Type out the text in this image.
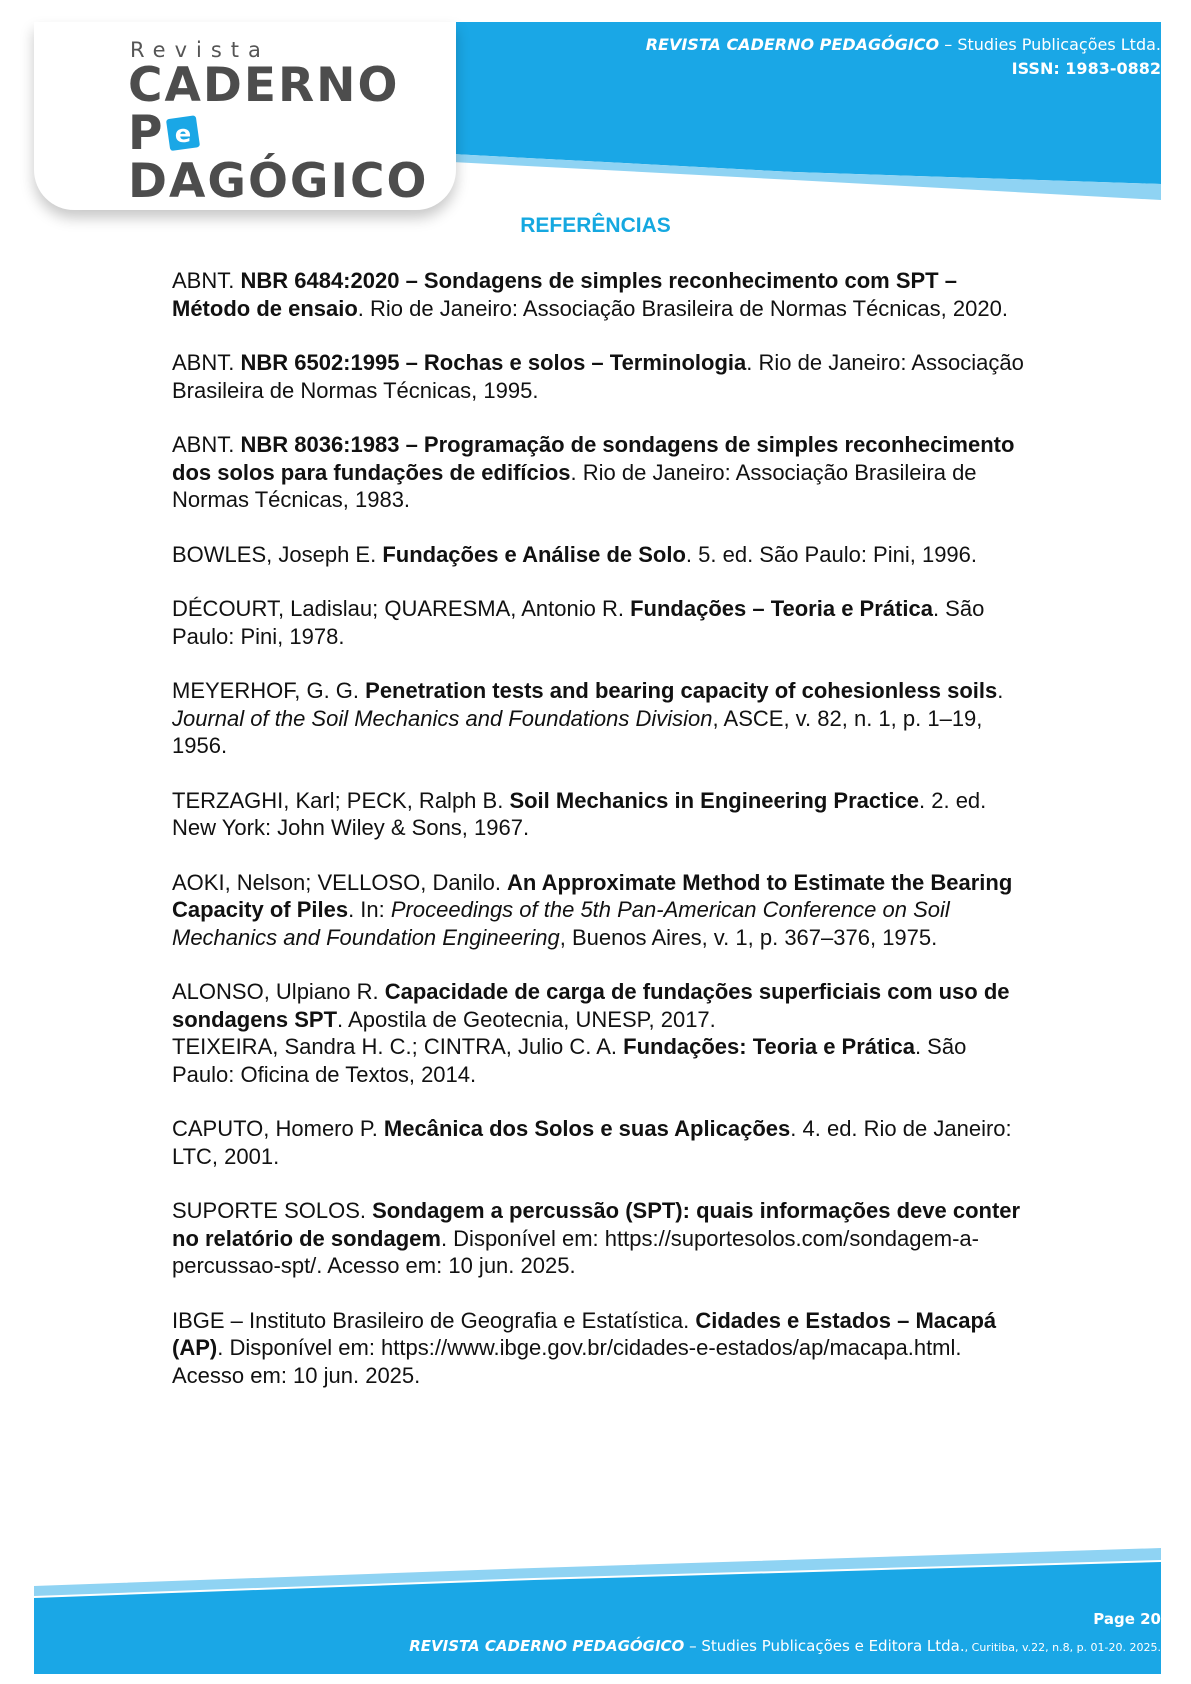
Revista

CADERNO
P e
DAGÓGICO

REVISTA CADERNO PEDAGÓGICO – Studies Publicações Ltda.
ISSN: 1983-0882
REFERÊNCIAS

ABNT. NBR 6484:2020 – Sondagens de simples reconhecimento com SPT – Método de ensaio. Rio de Janeiro: Associação Brasileira de Normas Técnicas, 2020.

ABNT. NBR 6502:1995 – Rochas e solos – Terminologia. Rio de Janeiro: Associação Brasileira de Normas Técnicas, 1995.

ABNT. NBR 8036:1983 – Programação de sondagens de simples reconhecimento dos solos para fundações de edifícios. Rio de Janeiro: Associação Brasileira de Normas Técnicas, 1983.

BOWLES, Joseph E. Fundações e Análise de Solo. 5. ed. São Paulo: Pini, 1996.

DÉCOURT, Ladislau; QUARESMA, Antonio R. Fundações – Teoria e Prática. São Paulo: Pini, 1978.

MEYERHOF, G. G. Penetration tests and bearing capacity of cohesionless soils. Journal of the Soil Mechanics and Foundations Division, ASCE, v. 82, n. 1, p. 1–19, 1956.

TERZAGHI, Karl; PECK, Ralph B. Soil Mechanics in Engineering Practice. 2. ed. New York: John Wiley & Sons, 1967.

AOKI, Nelson; VELLOSO, Danilo. An Approximate Method to Estimate the Bearing Capacity of Piles. In: Proceedings of the 5th Pan-American Conference on Soil Mechanics and Foundation Engineering, Buenos Aires, v. 1, p. 367–376, 1975.

ALONSO, Ulpiano R. Capacidade de carga de fundações superficiais com uso de sondagens SPT. Apostila de Geotecnia, UNESP, 2017.

TEIXEIRA, Sandra H. C.; CINTRA, Julio C. A. Fundações: Teoria e Prática. São Paulo: Oficina de Textos, 2014.

CAPUTO, Homero P. Mecânica dos Solos e suas Aplicações. 4. ed. Rio de Janeiro: LTC, 2001.

SUPORTE SOLOS. Sondagem a percussão (SPT): quais informações deve conter no relatório de sondagem. Disponível em: https://suportesolos.com/sondagem-a-percussao-spt/. Acesso em: 10 jun. 2025.

IBGE – Instituto Brasileiro de Geografia e Estatística. Cidades e Estados – Macapá (AP). Disponível em: https://www.ibge.gov.br/cidades-e-estados/ap/macapa.html. Acesso em: 10 jun. 2025.

Page 20
REVISTA CADERNO PEDAGÓGICO – Studies Publicações e Editora Ltda., Curitiba, v.22, n.8, p. 01-20. 2025.
